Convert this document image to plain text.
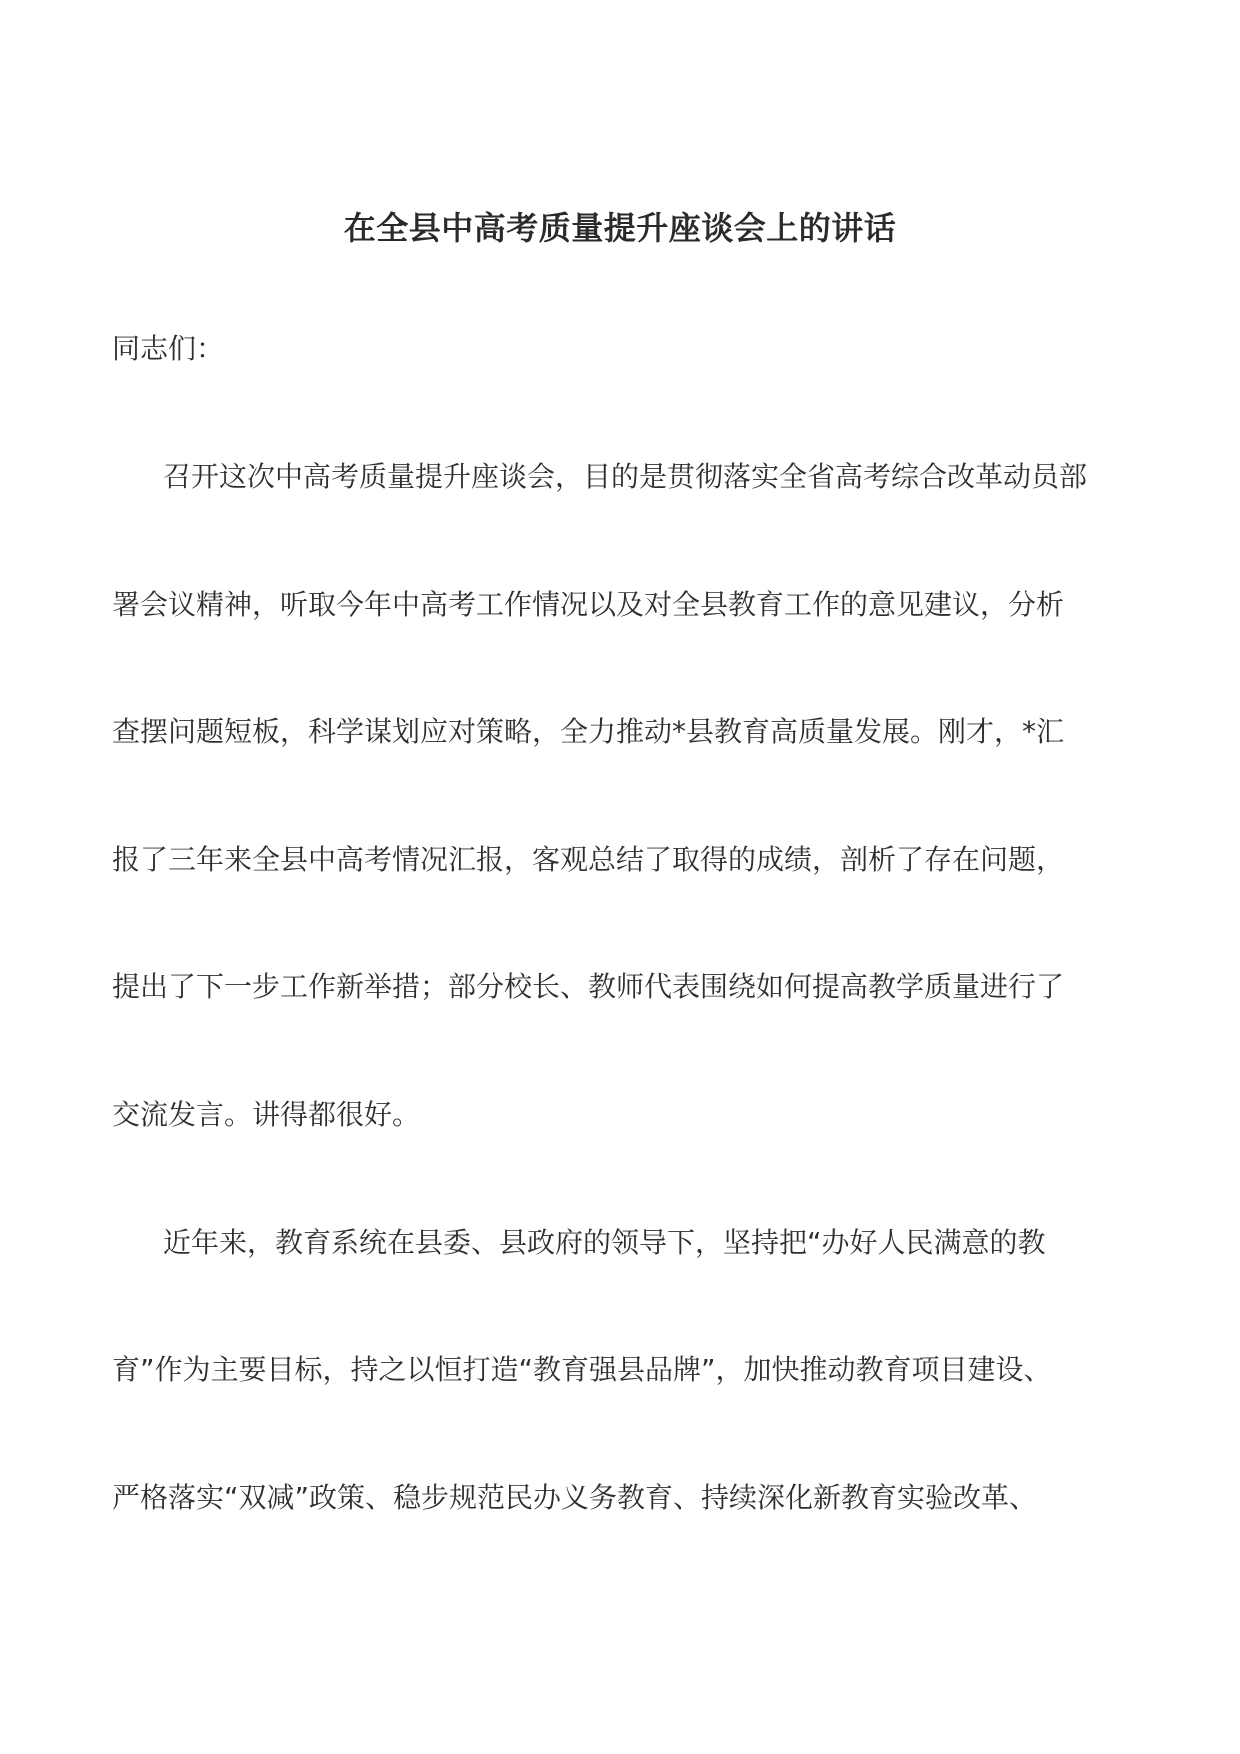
在全县中高考质量提升座谈会上的讲话
同志们：
召开这次中高考质量提升座谈会，目的是贯彻落实全省高考综合改革动员部
署会议精神，听取今年中高考工作情况以及对全县教育工作的意见建议，分析
查摆问题短板，科学谋划应对策略，全力推动*县教育高质量发展。刚才，*汇
报了三年来全县中高考情况汇报，客观总结了取得的成绩，剖析了存在问题，
提出了下一步工作新举措；部分校长、教师代表围绕如何提高教学质量进行了
交流发言。讲得都很好。
近年来，教育系统在县委、县政府的领导下，坚持把“办好人民满意的教
育”作为主要目标，持之以恒打造“教育强县品牌”，加快推动教育项目建设、
严格落实“双减”政策、稳步规范民办义务教育、持续深化新教育实验改革、
